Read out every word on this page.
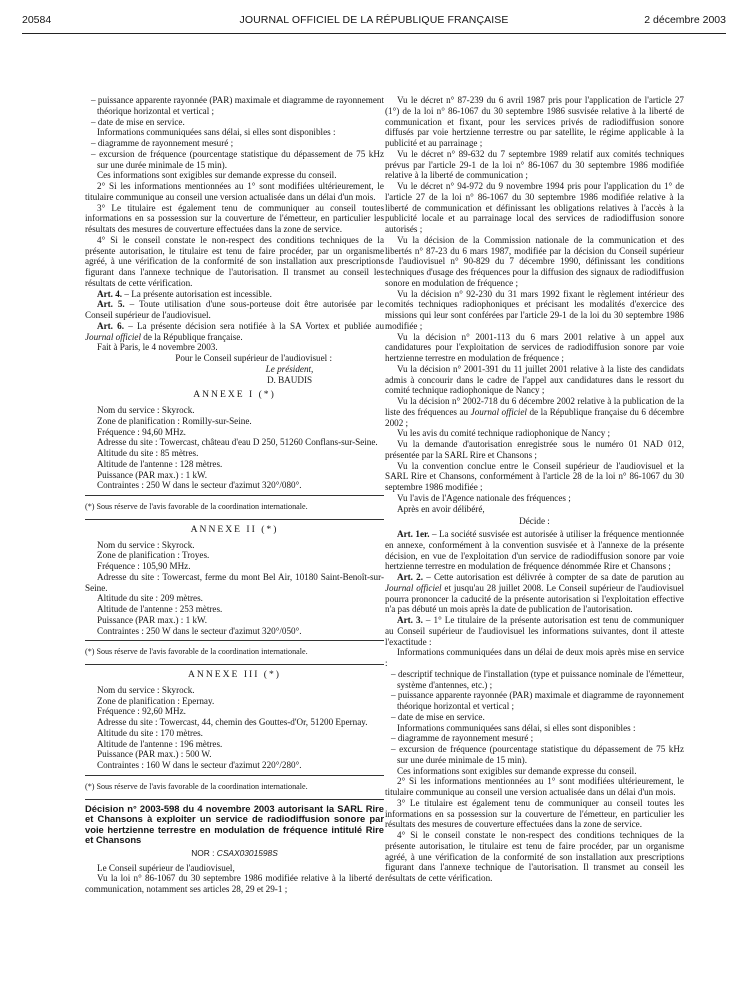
20584	JOURNAL OFFICIEL DE LA RÉPUBLIQUE FRANÇAISE	2 décembre 2003

– puissance apparente rayonnée (PAR) maximale et diagramme de rayonnement théorique horizontal et vertical ;

– date de mise en service.

Informations communiquées sans délai, si elles sont disponibles :

– diagramme de rayonnement mesuré ;

– excursion de fréquence (pourcentage statistique du dépassement de 75 kHz sur une durée minimale de 15 min).

Ces informations sont exigibles sur demande expresse du conseil.

2° Si les informations mentionnées au 1° sont modifiées ultérieurement, le titulaire communique au conseil une version actualisée dans un délai d'un mois.

3° Le titulaire est également tenu de communiquer au conseil toutes informations en sa possession sur la couverture de l'émetteur, en particulier les résultats des mesures de couverture effectuées dans la zone de service.

4° Si le conseil constate le non-respect des conditions techniques de la présente autorisation, le titulaire est tenu de faire procéder, par un organisme agréé, à une vérification de la conformité de son installation aux prescriptions figurant dans l'annexe technique de l'autorisation. Il transmet au conseil les résultats de cette vérification.

Art. 4. – La présente autorisation est incessible.

Art. 5. – Toute utilisation d'une sous-porteuse doit être autorisée par le Conseil supérieur de l'audiovisuel.

Art. 6. – La présente décision sera notifiée à la SA Vortex et publiée au Journal officiel de la République française.

Fait à Paris, le 4 novembre 2003.

Pour le Conseil supérieur de l'audiovisuel :

Le président,

D. BAUDIS

ANNEXE I (*)

Nom du service : Skyrock.

Zone de planification : Romilly-sur-Seine.

Fréquence : 94,60 MHz.

Adresse du site : Towercast, château d'eau D 250, 51260 Conflans-sur-Seine.

Altitude du site : 85 mètres.

Altitude de l'antenne : 128 mètres.

Puissance (PAR max.) : 1 kW.

Contraintes : 250 W dans le secteur d'azimut 320°/080°.

(*) Sous réserve de l'avis favorable de la coordination internationale.

ANNEXE II (*)

Nom du service : Skyrock.

Zone de planification : Troyes.

Fréquence : 105,90 MHz.

Adresse du site : Towercast, ferme du mont Bel Air, 10180 Saint-Benoît-sur-Seine.

Altitude du site : 209 mètres.

Altitude de l'antenne : 253 mètres.

Puissance (PAR max.) : 1 kW.

Contraintes : 250 W dans le secteur d'azimut 320°/050°.

(*) Sous réserve de l'avis favorable de la coordination internationale.

ANNEXE III (*)

Nom du service : Skyrock.

Zone de planification : Epernay.

Fréquence : 92,60 MHz.

Adresse du site : Towercast, 44, chemin des Gouttes-d'Or, 51200 Epernay.

Altitude du site : 170 mètres.

Altitude de l'antenne : 196 mètres.

Puissance (PAR max.) : 500 W.

Contraintes : 160 W dans le secteur d'azimut 220°/280°.

(*) Sous réserve de l'avis favorable de la coordination internationale.

Décision n° 2003-598 du 4 novembre 2003 autorisant la SARL Rire et Chansons à exploiter un service de radiodiffusion sonore par voie hertzienne terrestre en modulation de fréquence intitulé Rire et Chansons

NOR : CSAX0301598S

Le Conseil supérieur de l'audiovisuel,

Vu la loi n° 86-1067 du 30 septembre 1986 modifiée relative à la liberté de communication, notamment ses articles 28, 29 et 29-1 ;

Vu le décret n° 87-239 du 6 avril 1987 pris pour l'application de l'article 27 (1°) de la loi n° 86-1067 du 30 septembre 1986 susvisée relative à la liberté de communication et fixant, pour les services privés de radiodiffusion sonore diffusés par voie hertzienne terrestre ou par satellite, le régime applicable à la publicité et au parrainage ;

Vu le décret n° 89-632 du 7 septembre 1989 relatif aux comités techniques prévus par l'article 29-1 de la loi n° 86-1067 du 30 septembre 1986 modifiée relative à la liberté de communication ;

Vu le décret n° 94-972 du 9 novembre 1994 pris pour l'application du 1° de l'article 27 de la loi n° 86-1067 du 30 septembre 1986 modifiée relative à la liberté de communication et définissant les obligations relatives à l'accès à la publicité locale et au parrainage local des services de radiodiffusion sonore autorisés ;

Vu la décision de la Commission nationale de la communication et des libertés n° 87-23 du 6 mars 1987, modifiée par la décision du Conseil supérieur de l'audiovisuel n° 90-829 du 7 décembre 1990, définissant les conditions techniques d'usage des fréquences pour la diffusion des signaux de radiodiffusion sonore en modulation de fréquence ;

Vu la décision n° 92-230 du 31 mars 1992 fixant le règlement intérieur des comités techniques radiophoniques et précisant les modalités d'exercice des missions qui leur sont conférées par l'article 29-1 de la loi du 30 septembre 1986 modifiée ;

Vu la décision n° 2001-113 du 6 mars 2001 relative à un appel aux candidatures pour l'exploitation de services de radiodiffusion sonore par voie hertzienne terrestre en modulation de fréquence ;

Vu la décision n° 2001-391 du 11 juillet 2001 relative à la liste des candidats admis à concourir dans le cadre de l'appel aux candidatures dans le ressort du comité technique radiophonique de Nancy ;

Vu la décision n° 2002-718 du 6 décembre 2002 relative à la publication de la liste des fréquences au Journal officiel de la République française du 6 décembre 2002 ;

Vu les avis du comité technique radiophonique de Nancy ;

Vu la demande d'autorisation enregistrée sous le numéro 01 NAD 012, présentée par la SARL Rire et Chansons ;

Vu la convention conclue entre le Conseil supérieur de l'audiovisuel et la SARL Rire et Chansons, conformément à l'article 28 de la loi n° 86-1067 du 30 septembre 1986 modifiée ;

Vu l'avis de l'Agence nationale des fréquences ;

Après en avoir délibéré,

Décide :

Art. 1er. – La société susvisée est autorisée à utiliser la fréquence mentionnée en annexe, conformément à la convention susvisée et à l'annexe de la présente décision, en vue de l'exploitation d'un service de radiodiffusion sonore par voie hertzienne terrestre en modulation de fréquence dénommée Rire et Chansons ;

Art. 2. – Cette autorisation est délivrée à compter de sa date de parution au Journal officiel et jusqu'au 28 juillet 2008. Le Conseil supérieur de l'audiovisuel pourra prononcer la caducité de la présente autorisation si l'exploitation effective n'a pas débuté un mois après la date de publication de l'autorisation.

Art. 3. – 1° Le titulaire de la présente autorisation est tenu de communiquer au Conseil supérieur de l'audiovisuel les informations suivantes, dont il atteste l'exactitude :

Informations communiquées dans un délai de deux mois après mise en service :

– descriptif technique de l'installation (type et puissance nominale de l'émetteur, système d'antennes, etc.) ;

– puissance apparente rayonnée (PAR) maximale et diagramme de rayonnement théorique horizontal et vertical ;

– date de mise en service.

Informations communiquées sans délai, si elles sont disponibles :

– diagramme de rayonnement mesuré ;

– excursion de fréquence (pourcentage statistique du dépassement de 75 kHz sur une durée minimale de 15 min).

Ces informations sont exigibles sur demande expresse du conseil.

2° Si les informations mentionnées au 1° sont modifiées ultérieurement, le titulaire communique au conseil une version actualisée dans un délai d'un mois.

3° Le titulaire est également tenu de communiquer au conseil toutes les informations en sa possession sur la couverture de l'émetteur, en particulier les résultats des mesures de couverture effectuées dans la zone de service.

4° Si le conseil constate le non-respect des conditions techniques de la présente autorisation, le titulaire est tenu de faire procéder, par un organisme agréé, à une vérification de la conformité de son installation aux prescriptions figurant dans l'annexe technique de l'autorisation. Il transmet au conseil les résultats de cette vérification.
